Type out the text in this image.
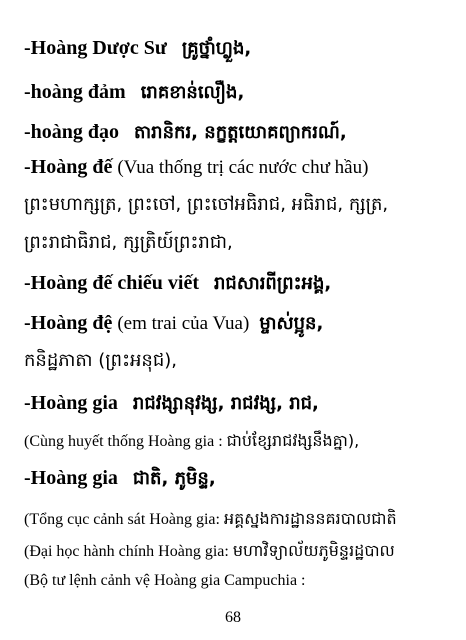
-Hoàng Dược Sư គ្រូថ្នាំហ្លួង,
-hoàng đảm រោគខាន់លឿង,
-hoàng đạo តារានិករ, នក្ខត្តយោគព្យាករណ៍,
-Hoàng đế (Vua thống trị các nước chư hầu)
ព្រះមហាក្សត្រ, ព្រះចៅ, ព្រះចៅអធិរាជ, អធិរាជ, ក្សត្រ,
ព្រះរាជាធិរាជ, ក្សត្រិយ៍ព្រះរាជា,
-Hoàng đế chiếu viết រាជសារពីព្រះអង្គ,
-Hoàng đệ (em trai của Vua) ម្ចាស់ប្អូន,
កនិដ្ឋភាតា (ព្រះអនុជ),
-Hoàng gia រាជវង្សានុវង្ស, រាជវង្ស, រាជ,
(Cùng huyết thống Hoàng gia : ជាប់ខ្សែរាជវង្សនឹងគ្នា),
-Hoàng gia ជាតិ, ភូមិន្ទ,
(Tổng cục cảnh sát Hoàng gia: អគ្គស្នងការដ្ឋាននគរបាលជាតិ
(Đại học hành chính Hoàng gia: មហាវិទ្យាល័យភូមិន្ទរដ្ឋបាល
(Bộ tư lệnh cảnh vệ Hoàng gia Campuchia :
68
